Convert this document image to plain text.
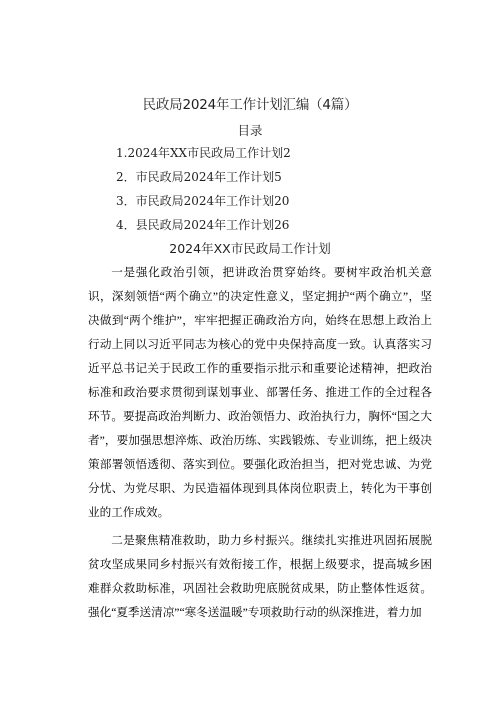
民政局2024年工作计划汇编（4篇）
目录
1.2024年XX市民政局工作计划2
2．市民政局2024年工作计划5
3．市民政局2024年工作计划20
4．县民政局2024年工作计划26
2024年XX市民政局工作计划

一是强化政治引领，把讲政治贯穿始终。要树牢政治机关意识，深刻领悟“两个确立”的决定性意义，坚定拥护“两个确立”，坚决做到“两个维护”，牢牢把握正确政治方向，始终在思想上政治上行动上同以习近平同志为核心的党中央保持高度一致。认真落实习近平总书记关于民政工作的重要指示批示和重要论述精神，把政治标准和政治要求贯彻到谋划事业、部署任务、推进工作的全过程各环节。要提高政治判断力、政治领悟力、政治执行力，胸怀“国之大者”，要加强思想淬炼、政治历练、实践锻炼、专业训练，把上级决策部署领悟透彻、落实到位。要强化政治担当，把对党忠诚、为党分忧、为党尽职、为民造福体现到具体岗位职责上，转化为干事创业的工作成效。

二是聚焦精准救助，助力乡村振兴。继续扎实推进巩固拓展脱贫攻坚成果同乡村振兴有效衔接工作，根据上级要求，提高城乡困难群众救助标准，巩固社会救助兜底脱贫成果，防止整体性返贫。强化“夏季送清凉”“寒冬送温暖”专项救助行动的纵深推进，着力加
